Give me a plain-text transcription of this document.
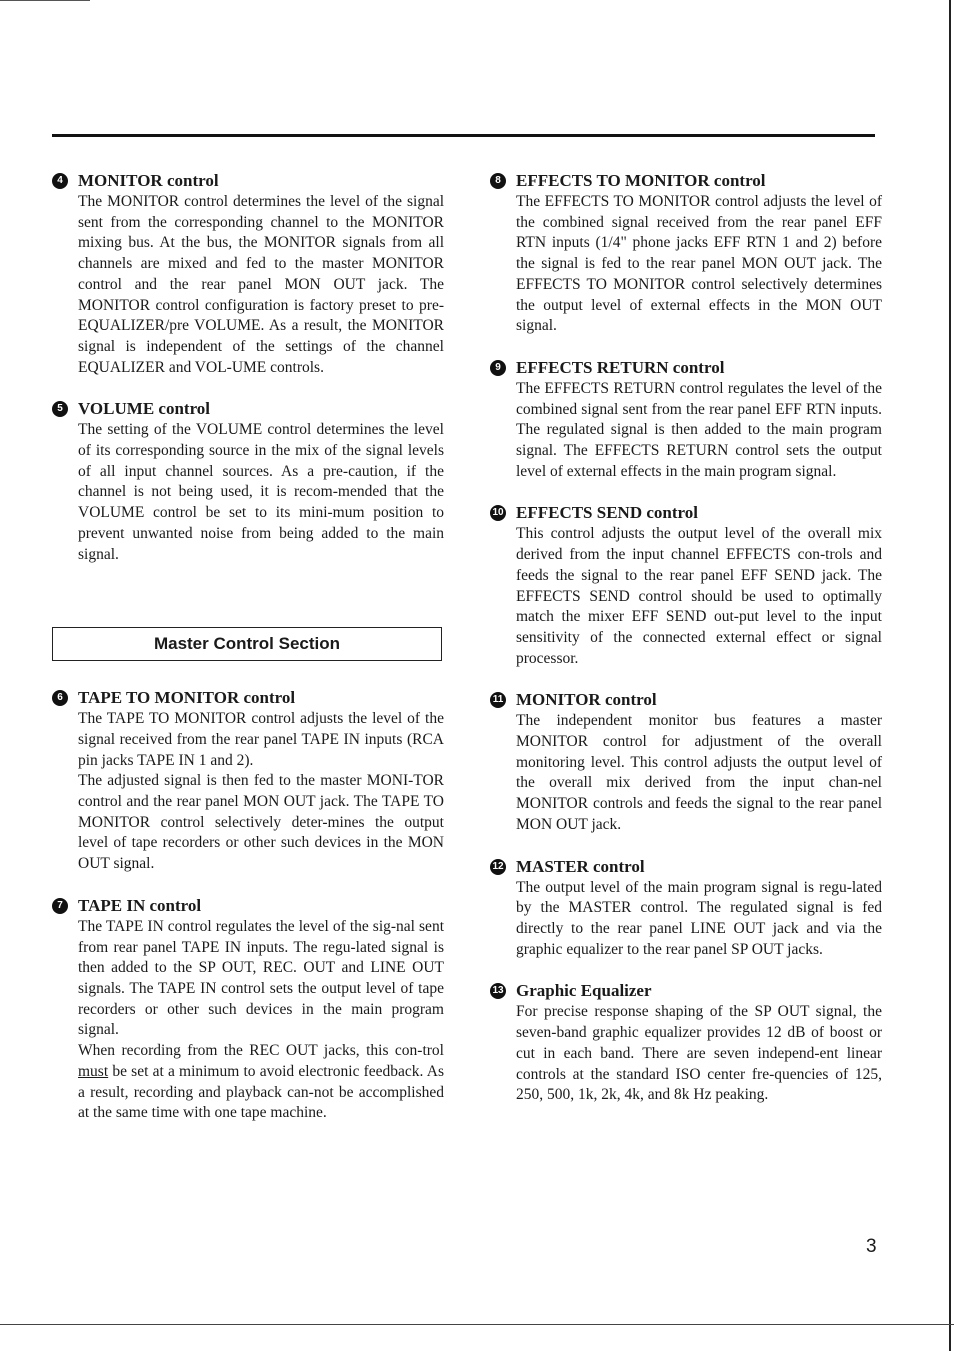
4 MONITOR control

The MONITOR control determines the level of the signal sent from the corresponding channel to the MONITOR mixing bus. At the bus, the MONITOR signals from all channels are mixed and fed to the master MONITOR control and the rear panel MON OUT jack. The MONITOR control configuration is factory preset to pre-EQUALIZER/pre VOLUME. As a result, the MONITOR signal is independent of the settings of the channel EQUALIZER and VOL-UME controls.

5 VOLUME control

The setting of the VOLUME control determines the level of its corresponding source in the mix of the signal levels of all input channel sources. As a pre-caution, if the channel is not being used, it is recom-mended that the VOLUME control be set to its mini-mum position to prevent unwanted noise from being added to the main signal.

Master Control Section
6 TAPE TO MONITOR control

The TAPE TO MONITOR control adjusts the level of the signal received from the rear panel TAPE IN inputs (RCA pin jacks TAPE IN 1 and 2).

The adjusted signal is then fed to the master MONI-TOR control and the rear panel MON OUT jack. The TAPE TO MONITOR control selectively deter-mines the output level of tape recorders or other such devices in the MON OUT signal.

7 TAPE IN control

The TAPE IN control regulates the level of the sig-nal sent from rear panel TAPE IN inputs. The regu-lated signal is then added to the SP OUT, REC. OUT and LINE OUT signals. The TAPE IN control sets the output level of tape recorders or other such devices in the main program signal.

When recording from the REC OUT jacks, this con-trol must be set at a minimum to avoid electronic feedback. As a result, recording and playback can-not be accomplished at the same time with one tape machine.

8 EFFECTS TO MONITOR control

The EFFECTS TO MONITOR control adjusts the level of the combined signal received from the rear panel EFF RTN inputs (1/4" phone jacks EFF RTN 1 and 2) before the signal is fed to the rear panel MON OUT jack. The EFFECTS TO MONITOR control selectively determines the output level of external effects in the MON OUT signal.

9 EFFECTS RETURN control

The EFFECTS RETURN control regulates the level of the combined signal sent from the rear panel EFF RTN inputs. The regulated signal is then added to the main program signal. The EFFECTS RETURN control sets the output level of external effects in the main program signal.

10 EFFECTS SEND control

This control adjusts the output level of the overall mix derived from the input channel EFFECTS con-trols and feeds the signal to the rear panel EFF SEND jack. The EFFECTS SEND control should be used to optimally match the mixer EFF SEND out-put level to the input sensitivity of the connected external effect or signal processor.

11 MONITOR control

The independent monitor bus features a master MONITOR control for adjustment of the overall monitoring level. This control adjusts the output level of the overall mix derived from the input chan-nel MONITOR controls and feeds the signal to the rear panel MON OUT jack.

12 MASTER control

The output level of the main program signal is regu-lated by the MASTER control. The regulated signal is fed directly to the rear panel LINE OUT jack and via the graphic equalizer to the rear panel SP OUT jacks.

13 Graphic Equalizer

For precise response shaping of the SP OUT signal, the seven-band graphic equalizer provides 12 dB of boost or cut in each band. There are seven independ-ent linear controls at the standard ISO center fre-quencies of 125, 250, 500, 1k, 2k, 4k, and 8k Hz peaking.

3
